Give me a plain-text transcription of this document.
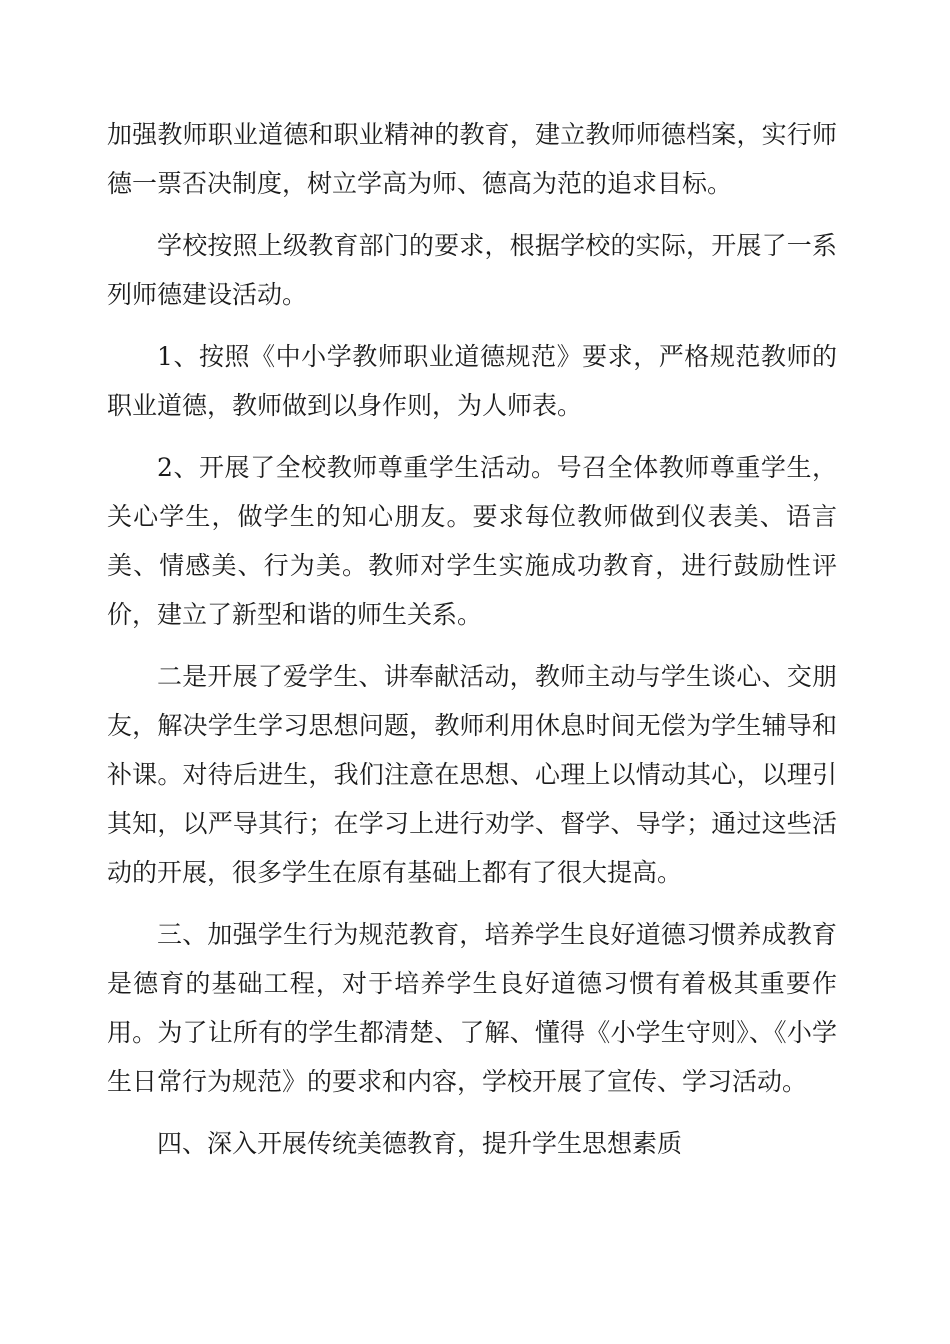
加强教师职业道德和职业精神的教育，建立教师师德档案，实行师德一票否决制度，树立学高为师、德高为范的追求目标。

学校按照上级教育部门的要求，根据学校的实际，开展了一系列师德建设活动。

1、按照《中小学教师职业道德规范》要求，严格规范教师的职业道德，教师做到以身作则，为人师表。

2、开展了全校教师尊重学生活动。号召全体教师尊重学生，关心学生，做学生的知心朋友。要求每位教师做到仪表美、语言美、情感美、行为美。教师对学生实施成功教育，进行鼓励性评价，建立了新型和谐的师生关系。

二是开展了爱学生、讲奉献活动，教师主动与学生谈心、交朋友，解决学生学习思想问题，教师利用休息时间无偿为学生辅导和补课。对待后进生，我们注意在思想、心理上以情动其心，以理引其知，以严导其行；在学习上进行劝学、督学、导学；通过这些活动的开展，很多学生在原有基础上都有了很大提高。

三、加强学生行为规范教育，培养学生良好道德习惯养成教育是德育的基础工程，对于培养学生良好道德习惯有着极其重要作用。为了让所有的学生都清楚、了解、懂得《小学生守则》、《小学生日常行为规范》的要求和内容，学校开展了宣传、学习活动。

四、深入开展传统美德教育，提升学生思想素质
